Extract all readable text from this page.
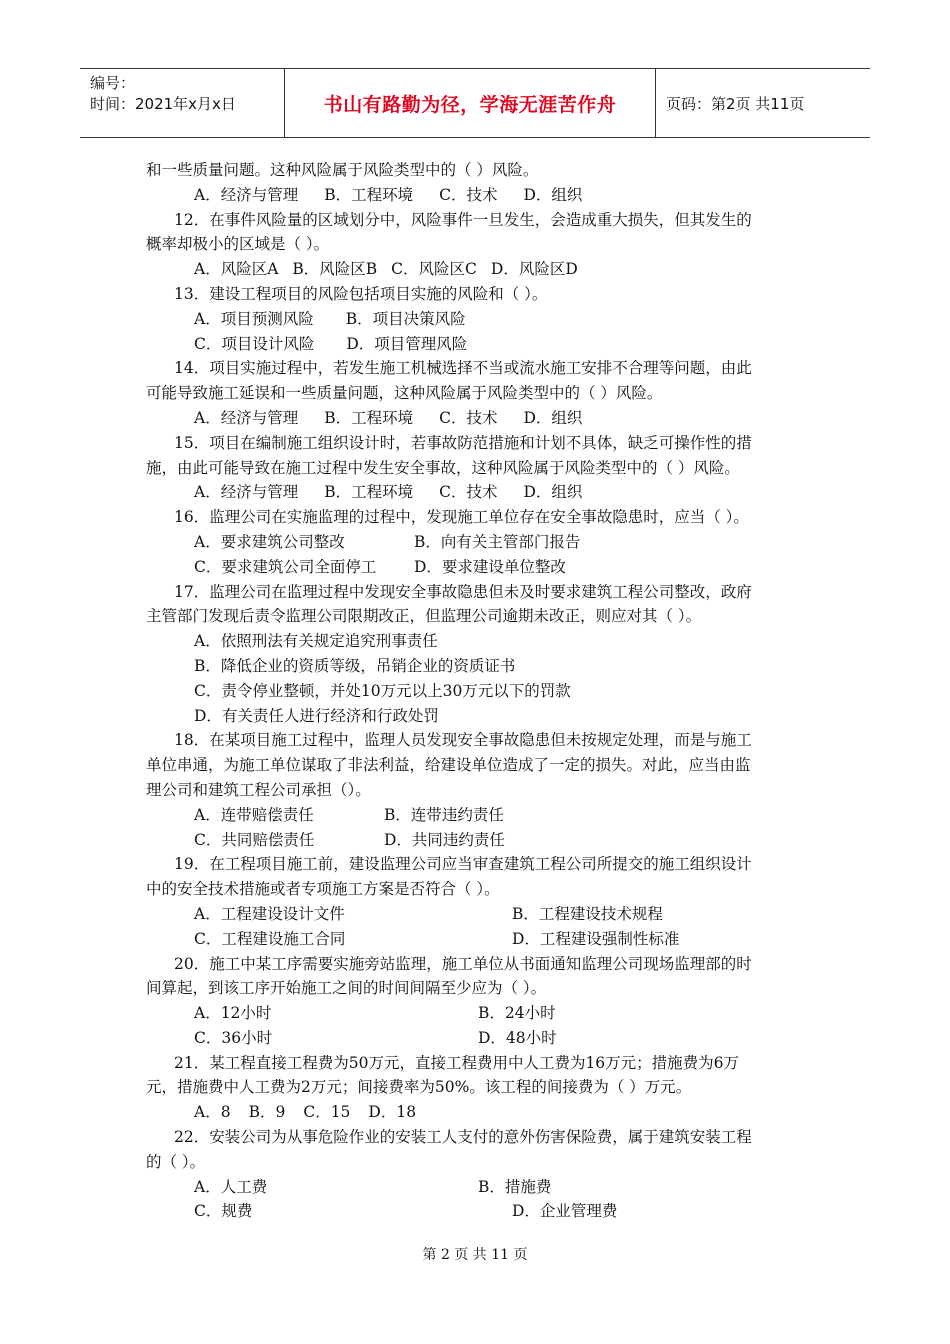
编号：
时间：2021年x月x日	书山有路勤为径，学海无涯苦作舟	页码：第2页 共11页
和一些质量问题。这种风险属于风险类型中的（ ）风险。
A．经济与管理 B．工程环境 C．技术 D．组织
12．在事件风险量的区域划分中，风险事件一旦发生，会造成重大损失，但其发生的
概率却极小的区域是（ ）。
A．风险区A B．风险区B C．风险区C D．风险区D
13．建设工程项目的风险包括项目实施的风险和（ ）。
A．项目预测风险 B．项目决策风险
C．项目设计风险 D．项目管理风险
14．项目实施过程中，若发生施工机械选择不当或流水施工安排不合理等问题，由此
可能导致施工延误和一些质量问题，这种风险属于风险类型中的（ ）风险。
A．经济与管理 B．工程环境 C．技术 D．组织
15．项目在编制施工组织设计时，若事故防范措施和计划不具体，缺乏可操作性的措
施，由此可能导致在施工过程中发生安全事故，这种风险属于风险类型中的（ ）风险。
A．经济与管理 B．工程环境 C．技术 D．组织
16．监理公司在实施监理的过程中，发现施工单位存在安全事故隐患时，应当（ ）。
A．要求建筑公司整改	B．向有关主管部门报告
C．要求建筑公司全面停工	D．要求建设单位整改
17．监理公司在监理过程中发现安全事故隐患但未及时要求建筑工程公司整改，政府
主管部门发现后责令监理公司限期改正，但监理公司逾期未改正，则应对其（ ）。
A．依照刑法有关规定追究刑事责任
B．降低企业的资质等级，吊销企业的资质证书
C．责令停业整顿，并处10万元以上30万元以下的罚款
D．有关责任人进行经济和行政处罚
18．在某项目施工过程中，监理人员发现安全事故隐患但未按规定处理，而是与施工
单位串通，为施工单位谋取了非法利益，给建设单位造成了一定的损失。对此，应当由监
理公司和建筑工程公司承担（）。
A．连带赔偿责任	B．连带违约责任
C．共同赔偿责任	D．共同违约责任
19．在工程项目施工前，建设监理公司应当审查建筑工程公司所提交的施工组织设计
中的安全技术措施或者专项施工方案是否符合（ ）。
A．工程建设设计文件	B．工程建设技术规程
C．工程建设施工合同	D．工程建设强制性标准
20．施工中某工序需要实施旁站监理，施工单位从书面通知监理公司现场监理部的时
间算起，到该工序开始施工之间的时间间隔至少应为（ ）。
A．12小时	B．24小时
C．36小时	D．48小时
21．某工程直接工程费为50万元，直接工程费用中人工费为16万元；措施费为6万
元，措施费中人工费为2万元；间接费率为50%。该工程的间接费为（ ）万元。
A．8 B．9 C．15 D．18
22．安装公司为从事危险作业的安装工人支付的意外伤害保险费，属于建筑安装工程
的（ ）。
A．人工费	B．措施费
C．规费	D．企业管理费
第 2 页 共 11 页
